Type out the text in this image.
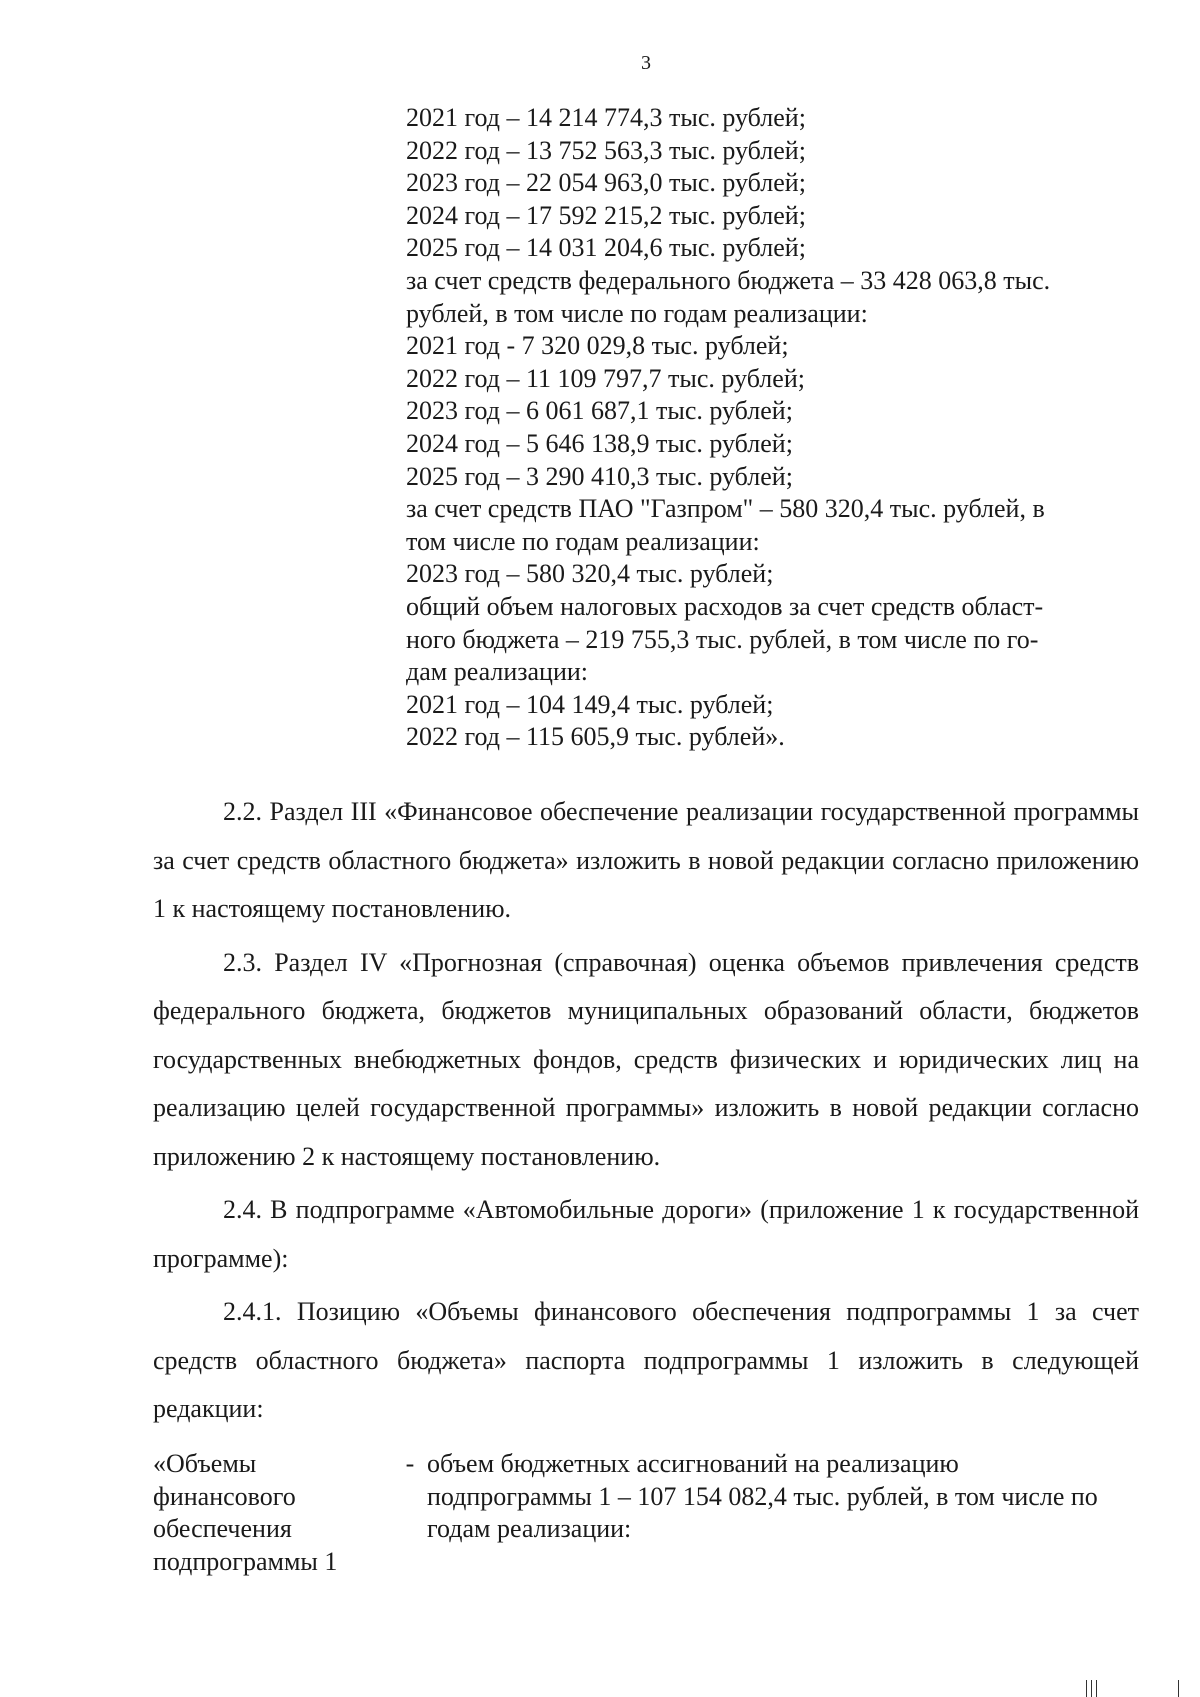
3
2021 год – 14 214 774,3 тыс. рублей;
2022 год – 13 752 563,3 тыс. рублей;
2023 год – 22 054 963,0 тыс. рублей;
2024 год – 17 592 215,2 тыс. рублей;
2025 год – 14 031 204,6 тыс. рублей;
за счет средств федерального бюджета – 33 428 063,8 тыс.
рублей, в том числе по годам реализации:
2021 год - 7 320 029,8 тыс. рублей;
2022 год – 11 109 797,7 тыс. рублей;
2023 год – 6 061 687,1 тыс. рублей;
2024 год – 5 646 138,9 тыс. рублей;
2025 год – 3 290 410,3 тыс. рублей;
за счет средств ПАО "Газпром" – 580 320,4 тыс. рублей, в
том числе по годам реализации:
2023 год – 580 320,4 тыс. рублей;
общий объем налоговых расходов за счет средств област-
ного бюджета – 219 755,3 тыс. рублей, в том числе по го-
дам реализации:
2021 год – 104 149,4 тыс. рублей;
2022 год – 115 605,9 тыс. рублей».

2.2. Раздел III «Финансовое обеспечение реализации государственной программы за счет средств областного бюджета» изложить в новой редакции согласно приложению 1 к настоящему постановлению.

2.3. Раздел IV «Прогнозная (справочная) оценка объемов привлечения средств федерального бюджета, бюджетов муниципальных образований области, бюджетов государственных внебюджетных фондов, средств физических и юридических лиц на реализацию целей государственной программы» изложить в новой редакции согласно приложению 2 к настоящему постановлению.

2.4. В подпрограмме «Автомобильные дороги» (приложение 1 к государственной программе):

2.4.1. Позицию «Объемы финансового обеспечения подпрограммы 1 за счет средств областного бюджета» паспорта подпрограммы 1 изложить в следующей редакции:

«Объемы
финансового
обеспечения
подпрограммы 1	-	объем бюджетных ассигнований на реализацию подпрограммы 1 – 107 154 082,4 тыс. рублей, в том числе по годам реализации:
